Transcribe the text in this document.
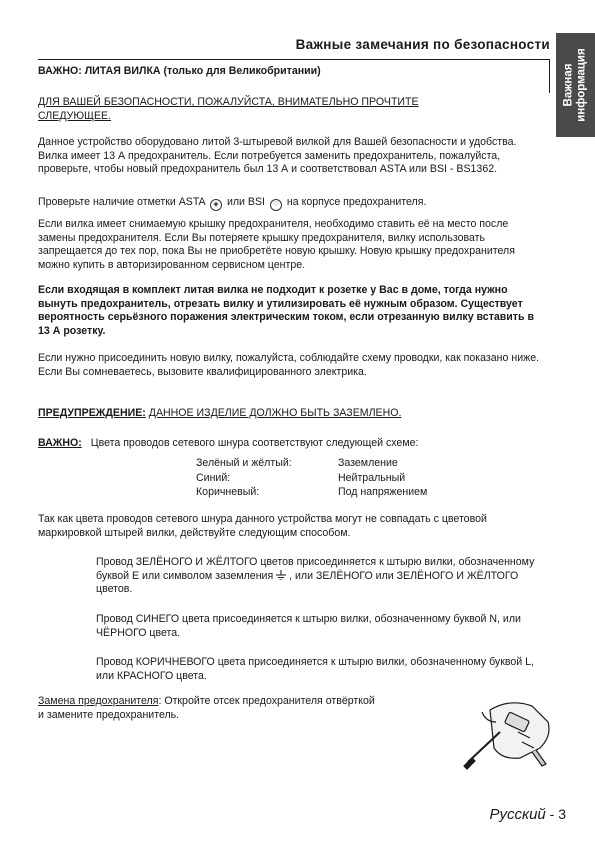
Важные замечания по безопасности
Важная информация
ВАЖНО: ЛИТАЯ ВИЛКА (только для Великобритании)
ДЛЯ ВАШЕЙ БЕЗОПАСНОСТИ, ПОЖАЛУЙСТА, ВНИМАТЕЛЬНО ПРОЧТИТЕ СЛЕДУЮЩЕЕ.
Данное устройство оборудовано литой 3-штыревой вилкой для Вашей безопасности и удобства. Вилка имеет 13 А предохранитель. Если потребуется заменить предохранитель, пожалуйста, проверьте, чтобы новый предохранитель был 13 А и соответствовал ASTA или BSI - BS1362.
Проверьте наличие отметки ASTA ◈ или BSI ♡ на корпусе предохранителя.
Если вилка имеет снимаемую крышку предохранителя, необходимо ставить её на место после замены предохранителя. Если Вы потеряете крышку предохранителя, вилку использовать запрещается до тех пор, пока Вы не приобретёте новую крышку. Новую крышку предохранителя можно купить в авторизированном сервисном центре.
Если входящая в комплект литая вилка не подходит к розетке у Вас в доме, тогда нужно вынуть предохранитель, отрезать вилку и утилизировать её нужным образом. Существует вероятность серьёзного поражения электрическим током, если отрезанную вилку вставить в 13 А розетку.

Если нужно присоединить новую вилку, пожалуйста, соблюдайте схему проводки, как показано ниже.

Если Вы сомневаетесь, вызовите квалифицированного электрика.

ПРЕДУПРЕЖДЕНИЕ: ДАННОЕ ИЗДЕЛИЕ ДОЛЖНО БЫТЬ ЗАЗЕМЛЕНО.
ВАЖНО: Цвета проводов сетевого шнура соответствуют следующей схеме:
Зелёный и жёлтый:	Заземление
Синий:	Нейтральный
Коричневый:	Под напряжением
Так как цвета проводов сетевого шнура данного устройства могут не совпадать с цветовой маркировкой штырей вилки, действуйте следующим способом.
Провод ЗЕЛЁНОГО И ЖЁЛТОГО цветов присоединяется к штырю вилки, обозначенному буквой E или символом заземления , или ЗЕЛЁНОГО или ЗЕЛЁНОГО И ЖЁЛТОГО цветов.
Провод СИНЕГО цвета присоединяется к штырю вилки, обозначенному буквой N, или ЧЁРНОГО цвета.
Провод КОРИЧНЕВОГО цвета присоединяется к штырю вилки, обозначенному буквой L, или КРАСНОГО цвета.

Замена предохранителя: Откройте отсек предохранителя отвёрткой

и замените предохранитель.

Русский - 3
